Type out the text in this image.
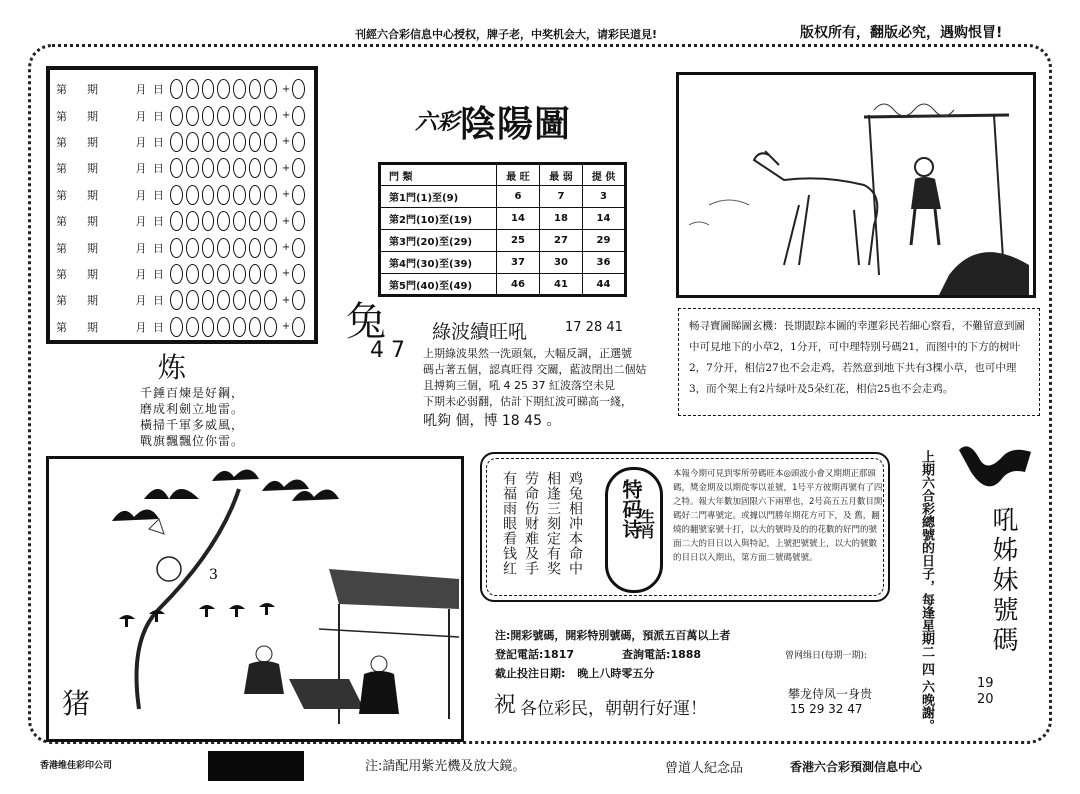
刊經六合彩信息中心授权，牌子老，中奖机会大，请彩民道見!	版权所有，翻版必究，遇购恨冒!
第	期	月 日	+
第	期	月 日	+
第	期	月 日	+
第	期	月 日	+
第	期	月 日	+
第	期	月 日	+
第	期	月 日	+
第	期	月 日	+
第	期	月 日	+
第	期	月 日	+
六彩 陰陽圖
門 類	最 旺	最 弱	提 供
第1門(1)至(9)	6	7	3
第2門(10)至(19)	14	18	14
第3門(20)至(29)	25	27	29
第4門(30)至(39)	37	30	36
第5門(40)至(49)	46	41	44
兔
4 7
綠波續旺吼	17 28 41
上期綠波果然一洗頭氣，大幅反調，正選號
碼占著五個，認真旺得 交關，藍波閉出二個姑
且搏夠三個，吼 4 25 37 紅波落空未見
下期未必弱翻，估計下期紅波可睇高一綫，
吼夠 個，博 18 45 。
炼
千錘百煉是好鋼，
磨成利劍立地雷。
橫掃千軍多威風，
戰旗飄飄位你雷。
畅寻寶圖睇圖玄機：長期跟踪本圖的幸運彩民若細心察看，不難留意到圖中可見地下的小草2，1分开，可中理特别号碼21，而图中的下方的树叶2，7分开，相信27也不会走鸡，若然意到地下共有3棵小草，也可中理3，而个架上有2片绿叶及5朵红花，相信25也不会走鸡。
3
猪
有福雨眼看钱红 劳命伤财难及手 相逢三刻定有奖 鸡兔相冲本命中 特码诗
生肖
本報今期可見到零所勞碼旺本◎頭波小會又期期正那頭碼，獎金期及以期從零以並號，1号平方彼期再號有了四之特。報大年數加固限六下兩單也，2号高五五月數目開碼好二門專號定。或據以門勝年期花方可下，及 舊，翻燒的翻號家號十打，以大的號時及的的花數的好門的號面二大的目日以入與特記，上號把號號上，以大的號數的目日以入期出，第方面二號碼號號。	上期六合彩總號的日子，每逢星期二 四 六晚謝。 吼姊妹號碼
19
20
注:開彩號碼，開彩特別號碼，預派五百萬以上者
登記電話: 1817	查詢電話: 1888
截止投注日期: 晚上八時零五分
曾网缉日(每期一期):
祝 各位彩民，朝朝行好運！
攀龙侍凤一身贵
15 29 32 47
香港维佳彩印公司	注:請配用紫光機及放大鏡。	曾道人紀念品	香港六合彩預測信息中心
